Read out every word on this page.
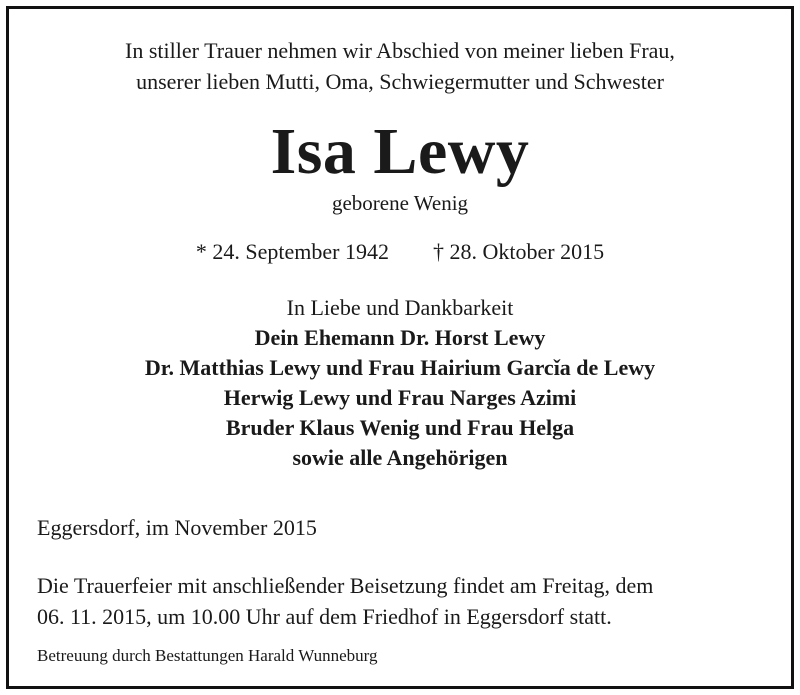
In stiller Trauer nehmen wir Abschied von meiner lieben Frau,
unserer lieben Mutti, Oma, Schwiegermutter und Schwester
Isa Lewy
geborene Wenig
* 24. September 1942 † 28. Oktober 2015
In Liebe und Dankbarkeit
Dein Ehemann Dr. Horst Lewy
Dr. Matthias Lewy und Frau Hairium Garcǐa de Lewy
Herwig Lewy und Frau Narges Azimi
Bruder Klaus Wenig und Frau Helga
sowie alle Angehörigen
Eggersdorf, im November 2015
Die Trauerfeier mit anschließender Beisetzung findet am Freitag, dem
06. 11. 2015, um 10.00 Uhr auf dem Friedhof in Eggersdorf statt.
Betreuung durch Bestattungen Harald Wunneburg
